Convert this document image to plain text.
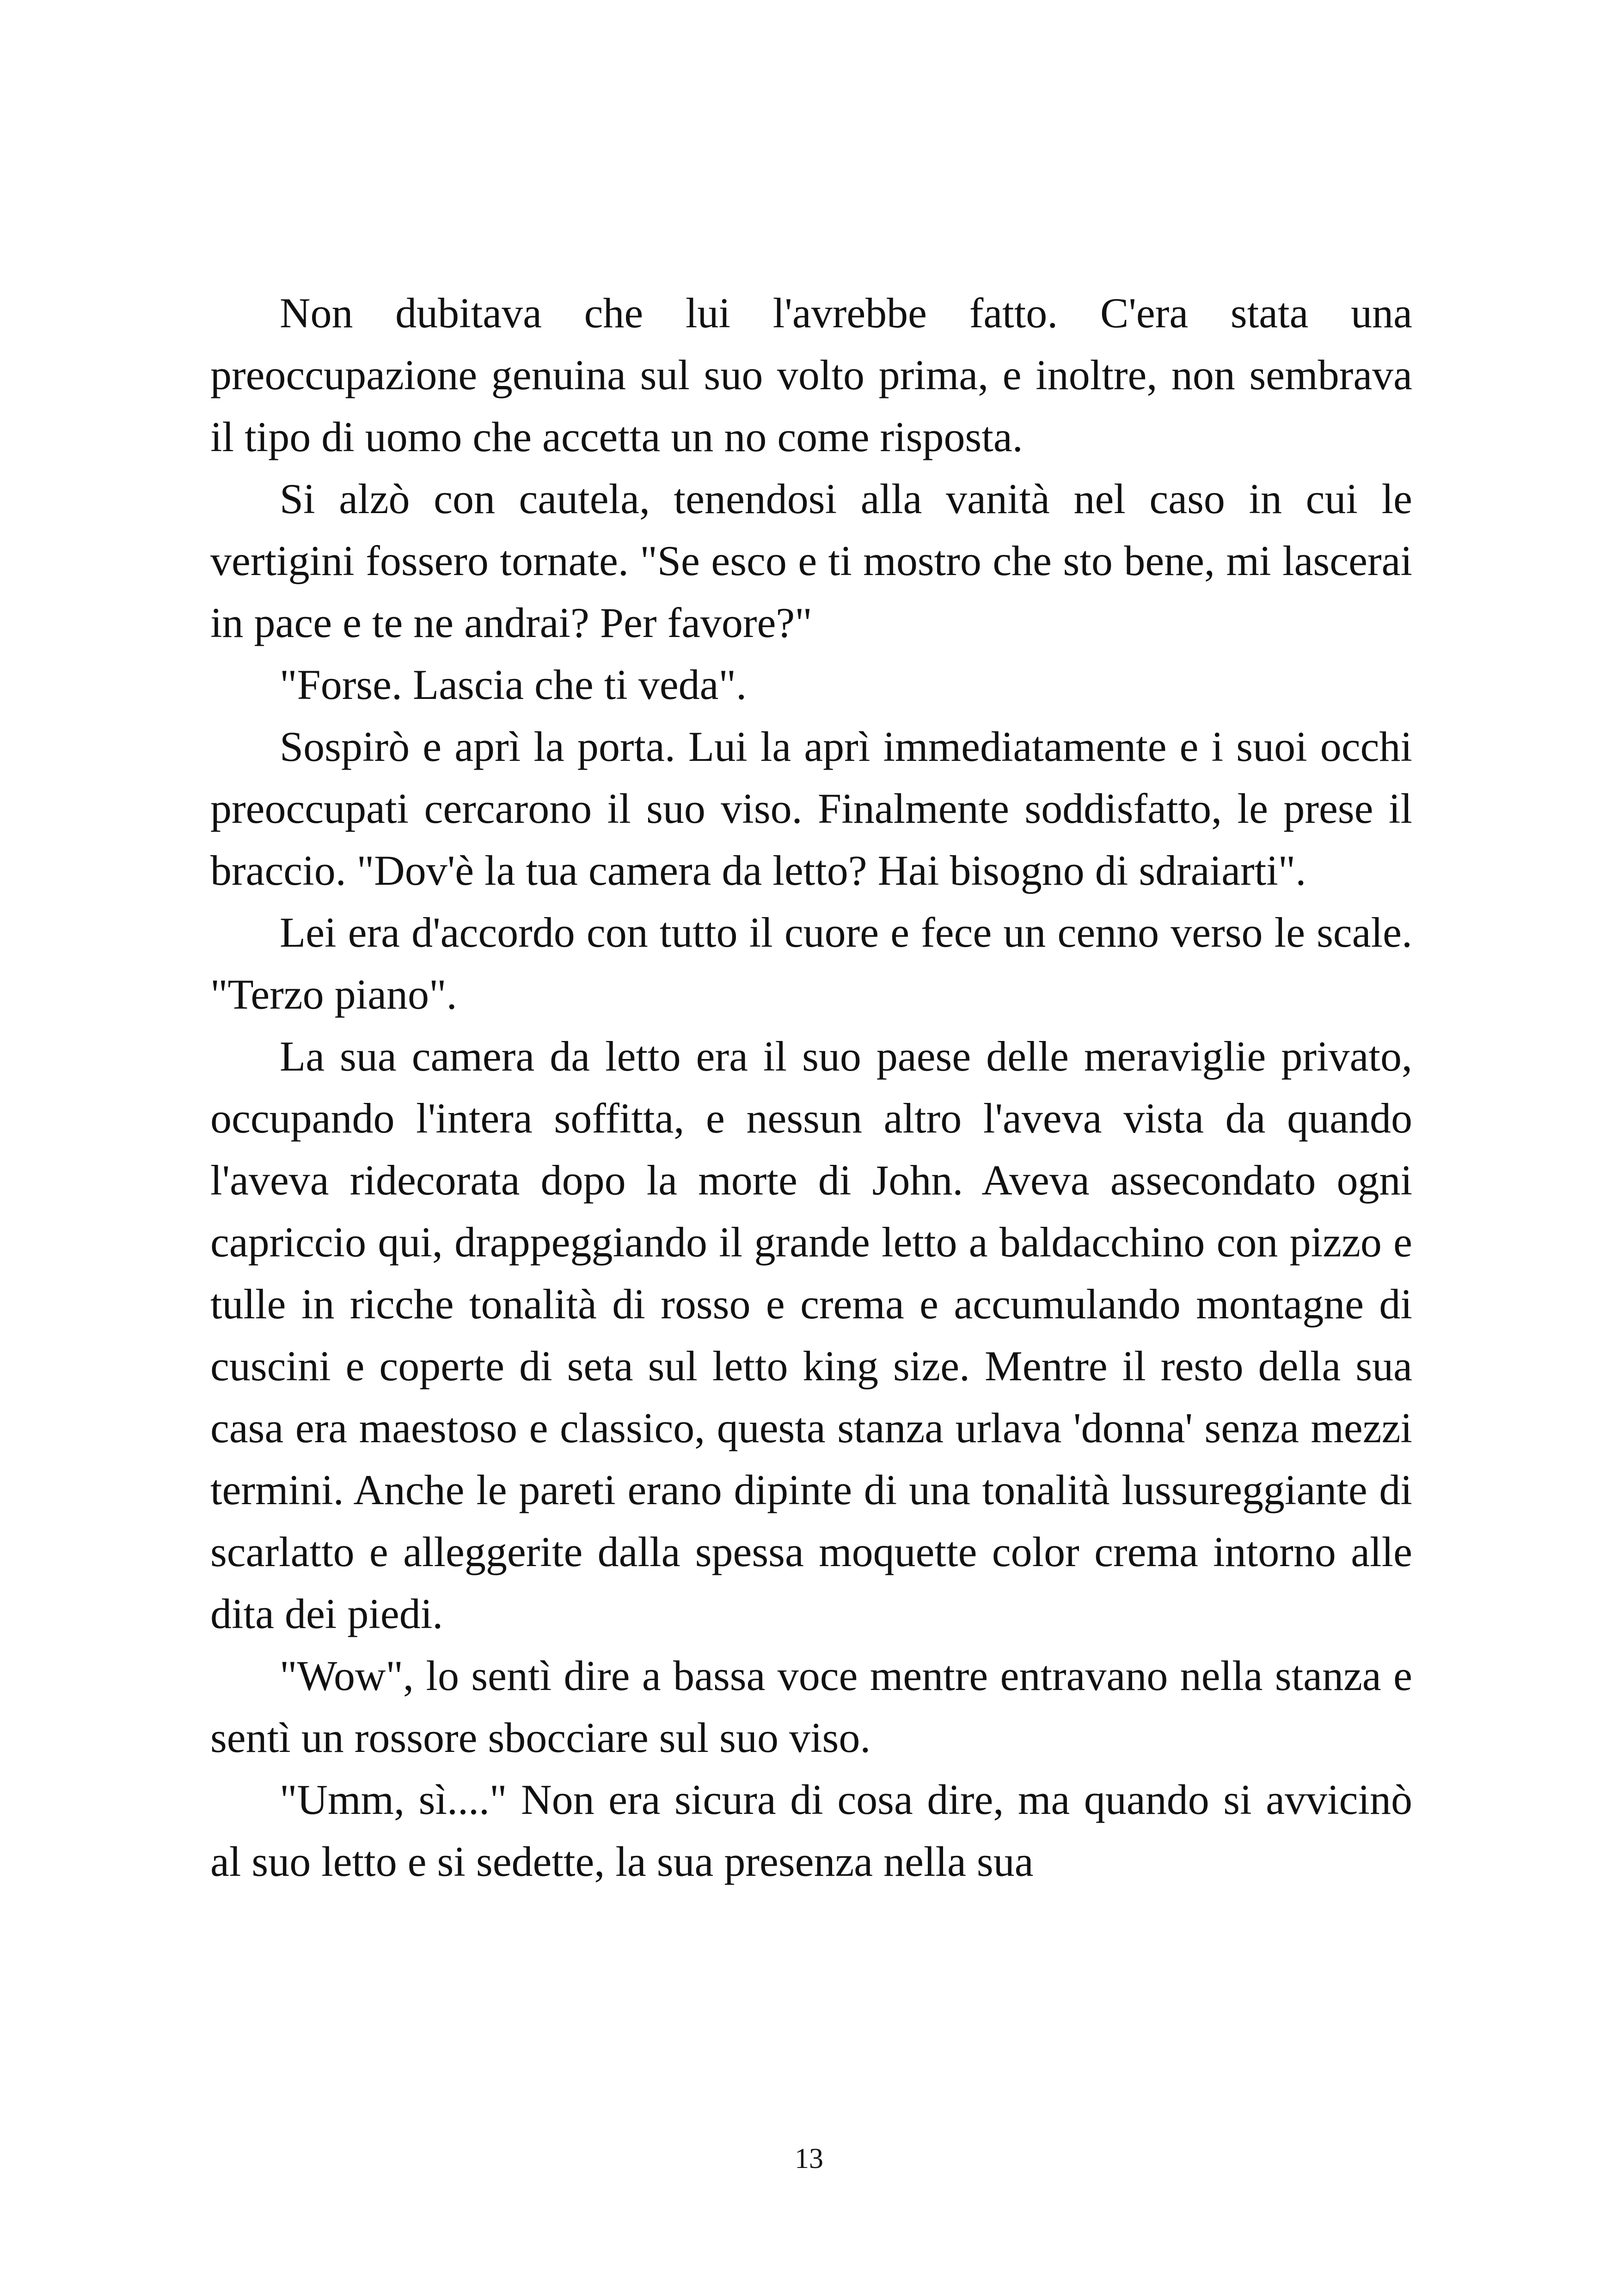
Non dubitava che lui l'avrebbe fatto. C'era stata una preoccupazione genuina sul suo volto prima, e inoltre, non sembrava il tipo di uomo che accetta un no come risposta.

Si alzò con cautela, tenendosi alla vanità nel caso in cui le vertigini fossero tornate. "Se esco e ti mostro che sto bene, mi lascerai in pace e te ne andrai? Per favore?"

"Forse. Lascia che ti veda".

Sospirò e aprì la porta. Lui la aprì immediatamente e i suoi occhi preoccupati cercarono il suo viso. Finalmente soddisfatto, le prese il braccio. "Dov'è la tua camera da letto? Hai bisogno di sdraiarti".

Lei era d'accordo con tutto il cuore e fece un cenno verso le scale. "Terzo piano".

La sua camera da letto era il suo paese delle meraviglie privato, occupando l'intera soffitta, e nessun altro l'aveva vista da quando l'aveva ridecorata dopo la morte di John. Aveva assecondato ogni capriccio qui, drappeggiando il grande letto a baldacchino con pizzo e tulle in ricche tonalità di rosso e crema e accumulando montagne di cuscini e coperte di seta sul letto king size. Mentre il resto della sua casa era maestoso e classico, questa stanza urlava 'donna' senza mezzi termini. Anche le pareti erano dipinte di una tonalità lussureggiante di scarlatto e alleggerite dalla spessa moquette color crema intorno alle dita dei piedi.

"Wow", lo sentì dire a bassa voce mentre entravano nella stanza e sentì un rossore sbocciare sul suo viso.

"Umm, sì...." Non era sicura di cosa dire, ma quando si avvicinò al suo letto e si sedette, la sua presenza nella sua

13
